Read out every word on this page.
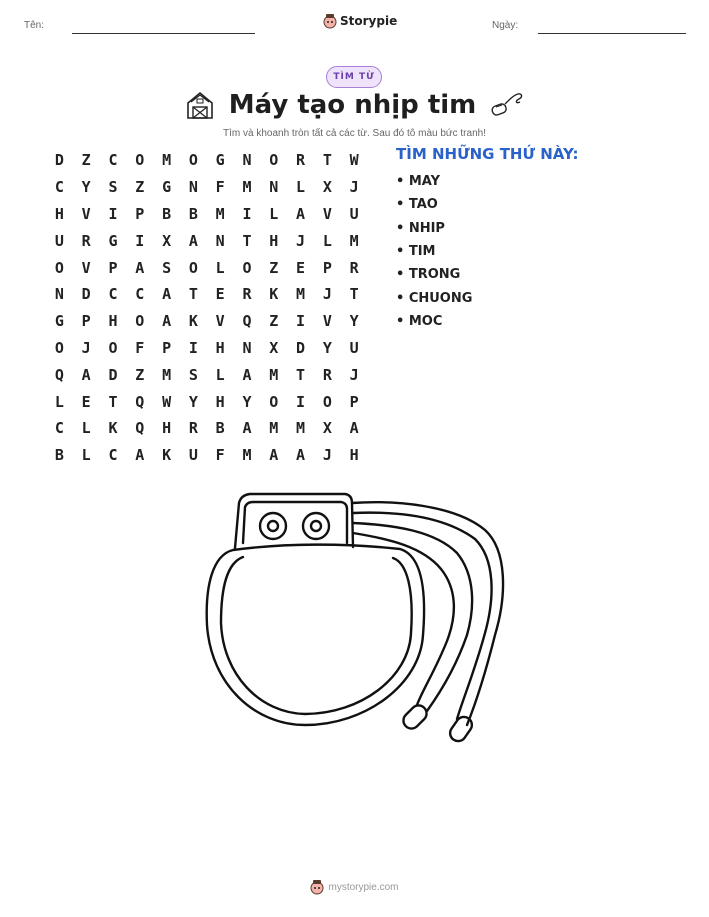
Tên:	Storypie	Ngày:
TÌM TỪ
Máy tạo nhịp tim
Tìm và khoanh tròn tất cả các từ. Sau đó tô màu bức tranh!
D	Z	C	O	M	O	G	N	O	R	T	W
C	Y	S	Z	G	N	F	M	N	L	X	J
H	V	I	P	B	B	M	I	L	A	V	U
U	R	G	I	X	A	N	T	H	J	L	M
O	V	P	A	S	O	L	O	Z	E	P	R
N	D	C	C	A	T	E	R	K	M	J	T
G	P	H	O	A	K	V	Q	Z	I	V	Y
O	J	O	F	P	I	H	N	X	D	Y	U
Q	A	D	Z	M	S	L	A	M	T	R	J
L	E	T	Q	W	Y	H	Y	O	I	O	P
C	L	K	Q	H	R	B	A	M	M	X	A
B	L	C	A	K	U	F	M	A	A	J	H
TÌM NHỮNG THỨ NÀY:
• MAY
• TAO
• NHIP
• TIM
• TRONG
• CHUONG
• MOC
mystorypie.com
